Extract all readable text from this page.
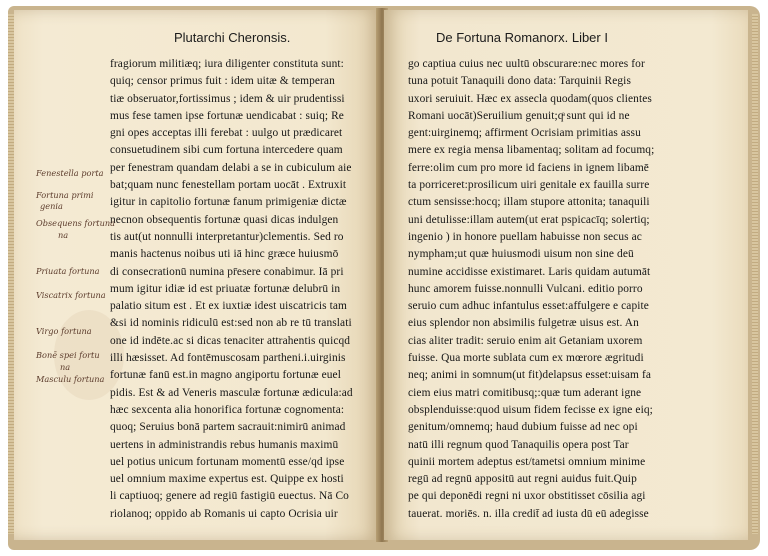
Plutarchi Cheronsis.
fragiorum militiæq; iura diligenter constituta sunt:
quiq; censor primus fuit : idem uitæ & temperan
tiæ obseruator,fortissimus ; idem & uir prudentissi
mus fese tamen ipse fortunæ uendicabat : suiq; Re
gni opes acceptas illi ferebat : uulgo ut prædicaret
consuetudinem sibi cum fortuna intercedere quam
per fenestram quandam delabi a se in cubiculum aie
bat;quam nunc fenestellam portam uocāt . Extruxit
igitur in capitolio fortunæ fanum primigeniæ dictæ
necnon obsequentis fortunæ quasi dicas indulgen
tis aut(ut nonnulli interpretantur)clementis. Sed ro
manis hactenus noibus uti iā hinc græce huiusmō
di consecrationū numina pr̄esere conabimur. Iā pri
mum igitur idiæ id est priuatæ fortunæ delubrū in
palatio situm est . Et ex iuxtiæ idest uiscatricis tam
&si id nominis ridiculū est:sed non ab re tū translati
one id indēte.ac si dicas tenaciter attrahentis quicqd
illi hæsisset. Ad fontēmuscosam partheni.i.uirginis
fortunæ fanū est.in magno angiportu fortunæ euel
pidis. Est & ad Veneris masculæ fortunæ ædicula:ad
hæc sexcenta alia honorifica fortunæ cognomenta:
quoq; Seruius bonā partem sacrauit:nimirū animad
uertens in administrandis rebus humanis maximū
uel potius unicum fortunam momentū esse/qd ipse
uel omnium maxime expertus est. Quippe ex hosti
li captiuoq; genere ad regiū fastigiū euectus. Nā Co
riolanoq; oppido ab Romanis ui capto Ocrisia uir
Fenestella porta
Fortuna primi
genia
Obsequens fortuna
na
Priuata fortuna
Viscatrix fortuna
Virgo fortuna
Bonē spei fortu
na
Masculu fortuna
De Fortuna Romanorx. Liber I
go captiua cuius nec uultū obscurare:nec mores for
tuna potuit Tanaquili dono data: Tarquinii Regis
uxori seruiuit. Hæc ex assecla quodam(quos clientes
Romani uocāt)Seruilium genuit;qͣ sunt qui id ne
gent:uirginemq; affirment Ocrisiam primitias assu
mere ex regia mensa libamentaq; solitam ad focumq;
ferre:olim cum pro more id faciens in ignem libamē
ta porriceret:prosilicum uiri genitale ex fauilla surre
ctum sensisse:hocq; illam stupore attonita; tanaquili
uni detulisse:illam autem(ut erat pspicacīq; solertiq;
ingenio ) in honore puellam habuisse non secus ac
nympham;ut quæ huiusmodi uisum non sine deū
numine accidisse existimaret. Laris quidam autumāt
hunc amorem fuisse.nonnulli Vulcani. editio porro
seruio cum adhuc infantulus esset:affulgere e capite
eius splendor non absimilis fulgetræ uisus est. An
cias aliter tradit: seruio enim ait Getaniam uxorem
fuisse. Qua morte sublata cum ex mœrore ægritudi
neq; animi in somnum(ut fit)delapsus esset:uisam fa
ciem eius matri comitibusq;:quæ tum aderant igne
obsplenduisse:quod uisum fidem fecisse ex igne eiq;
genitum/omnemq; haud dubium fuisse ad nec opi
natū illi regnum quod Tanaquilis opera post Tar
quinii mortem adeptus est/tametsi omnium minime
regū ad regnū appositū aut regni auidus fuit.Quip
pe qui deponēdi regni ni uxor obstitisset cōsilia agi
tauerat. moriēs. n. illa credit̄ ad iusta dū eū adegisse
